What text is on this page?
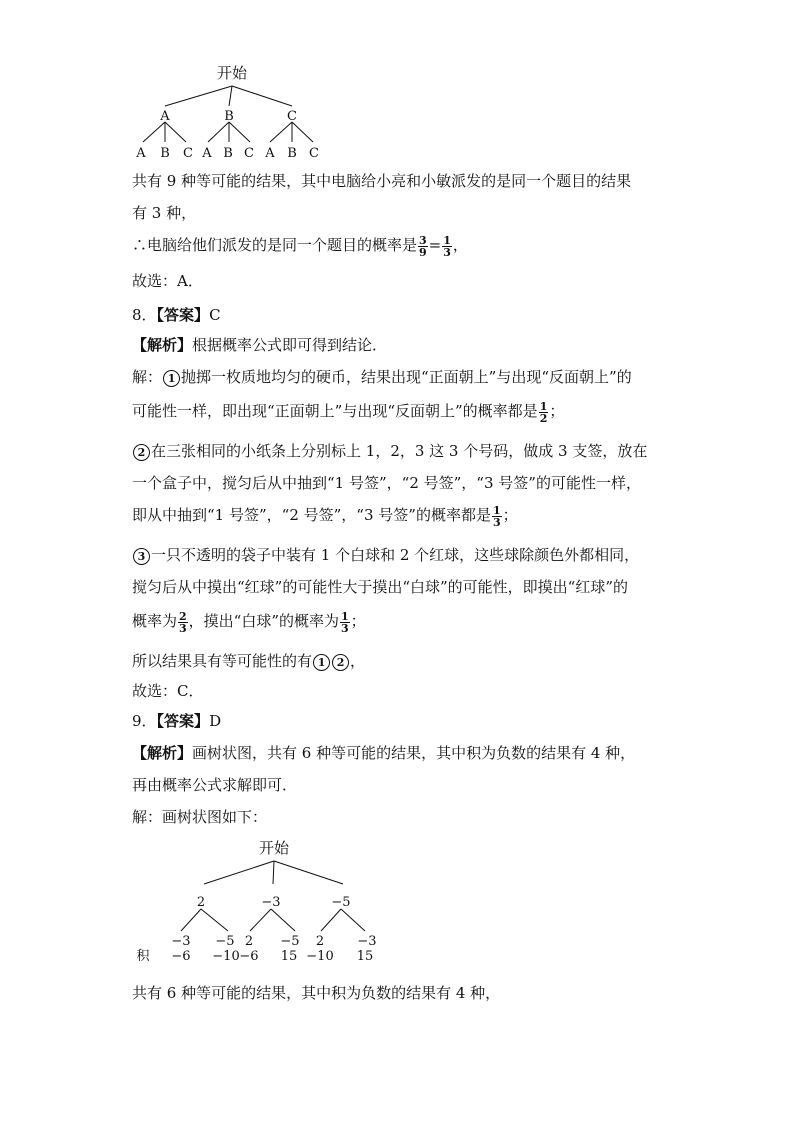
开始
A	B	C
A B C A B C A B C
共有 9 种等可能的结果，其中电脑给小亮和小敏派发的是同一个题目的结果
有 3 种，
∴电脑给他们派发的是同一个题目的概率是 $\frac{3}{9} = \frac{1}{3}$ ，
故选：A．
8．【答案】C
【解析】根据概率公式即可得到结论．
解： 1 抛掷一枚质地均匀的硬币，结果出现“正面朝上”与出现“反面朝上”的
可能性一样，即出现“正面朝上”与出现“反面朝上”的概率都是 $\frac{1}{2}$ ；
2 在三张相同的小纸条上分别标上 1，2，3 这 3 个号码，做成 3 支签，放在
一个盒子中，搅匀后从中抽到“1 号签”，“2 号签”，“3 号签”的可能性一样，
即从中抽到“1 号签”，“2 号签”，“3 号签”的概率都是 $\frac{1}{3}$ ；
3 一只不透明的袋子中装有 1 个白球和 2 个红球，这些球除颜色外都相同，
搅匀后从中摸出“红球”的可能性大于摸出“白球”的可能性，即摸出“红球”的
概率为 $\frac{2}{3}$ ，摸出“白球”的概率为 $\frac{1}{3}$ ；
所以结果具有等可能性的有 1 2 ，
故选：C．
9．【答案】D
【解析】画树状图，共有 6 种等可能的结果，其中积为负数的结果有 4 种，
再由概率公式求解即可．
解：画树状图如下：
开始
2	−3	−5
−3 −5 2 −5 2	−3
积 −6 −10 −6 15 −10 15
共有 6 种等可能的结果，其中积为负数的结果有 4 种，
